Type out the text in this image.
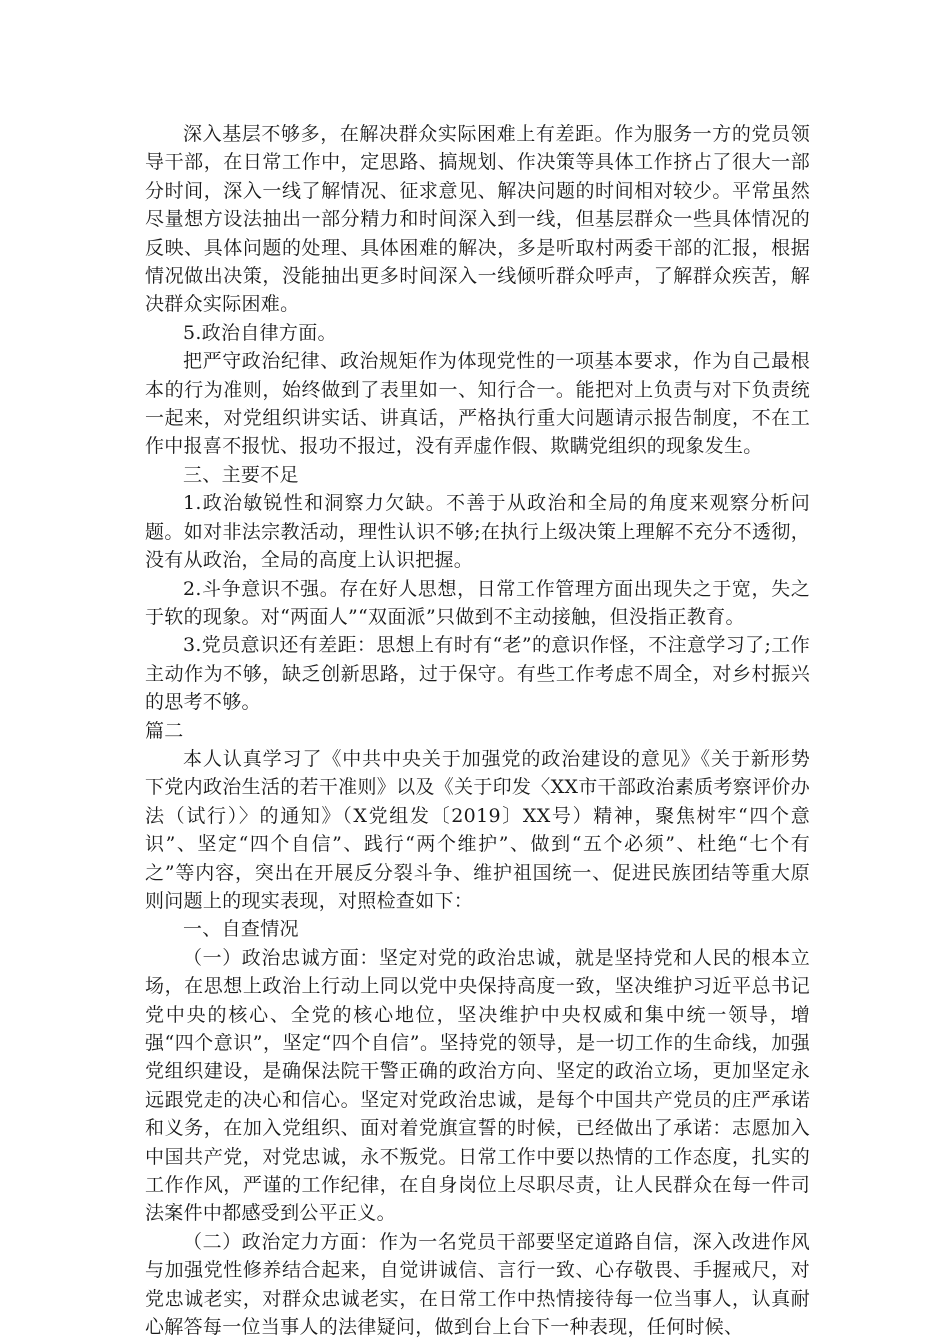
深入基层不够多，在解决群众实际困难上有差距。作为服务一方的党员领导干部，在日常工作中，定思路、搞规划、作决策等具体工作挤占了很大一部分时间，深入一线了解情况、征求意见、解决问题的时间相对较少。平常虽然尽量想方设法抽出一部分精力和时间深入到一线，但基层群众一些具体情况的反映、具体问题的处理、具体困难的解决，多是听取村两委干部的汇报，根据情况做出决策，没能抽出更多时间深入一线倾听群众呼声，了解群众疾苦，解决群众实际困难。

5.政治自律方面。

把严守政治纪律、政治规矩作为体现党性的一项基本要求，作为自己最根本的行为准则，始终做到了表里如一、知行合一。能把对上负责与对下负责统一起来，对党组织讲实话、讲真话，严格执行重大问题请示报告制度，不在工作中报喜不报忧、报功不报过，没有弄虚作假、欺瞒党组织的现象发生。

三、主要不足

1.政治敏锐性和洞察力欠缺。不善于从政治和全局的角度来观察分析问题。如对非法宗教活动，理性认识不够;在执行上级决策上理解不充分不透彻，没有从政治，全局的高度上认识把握。

2.斗争意识不强。存在好人思想，日常工作管理方面出现失之于宽，失之于软的现象。对“两面人”“双面派”只做到不主动接触，但没指正教育。

3.党员意识还有差距：思想上有时有“老”的意识作怪，不注意学习了;工作主动作为不够，缺乏创新思路，过于保守。有些工作考虑不周全，对乡村振兴的思考不够。

篇二

本人认真学习了《中共中央关于加强党的政治建设的意见》《关于新形势下党内政治生活的若干准则》以及《关于印发〈XX市干部政治素质考察评价办法（试行）〉的通知》（X党组发〔2019〕XX号）精神，聚焦树牢“四个意识”、坚定“四个自信”、践行“两个维护”、做到“五个必须”、杜绝“七个有之”等内容，突出在开展反分裂斗争、维护祖国统一、促进民族团结等重大原则问题上的现实表现，对照检查如下：

一、自查情况

（一）政治忠诚方面：坚定对党的政治忠诚，就是坚持党和人民的根本立场，在思想上政治上行动上同以党中央保持高度一致，坚决维护习近平总书记党中央的核心、全党的核心地位，坚决维护中央权威和集中统一领导，增强“四个意识”，坚定“四个自信”。坚持党的领导，是一切工作的生命线，加强党组织建设，是确保法院干警正确的政治方向、坚定的政治立场，更加坚定永远跟党走的决心和信心。坚定对党政治忠诚，是每个中国共产党员的庄严承诺和义务，在加入党组织、面对着党旗宣誓的时候，已经做出了承诺：志愿加入中国共产党，对党忠诚，永不叛党。日常工作中要以热情的工作态度，扎实的工作作风，严谨的工作纪律，在自身岗位上尽职尽责，让人民群众在每一件司法案件中都感受到公平正义。

（二）政治定力方面：作为一名党员干部要坚定道路自信，深入改进作风与加强党性修养结合起来，自觉讲诚信、言行一致、心存敬畏、手握戒尺，对党忠诚老实，对群众忠诚老实，在日常工作中热情接待每一位当事人，认真耐心解答每一位当事人的法律疑问，做到台上台下一种表现，任何时候、
